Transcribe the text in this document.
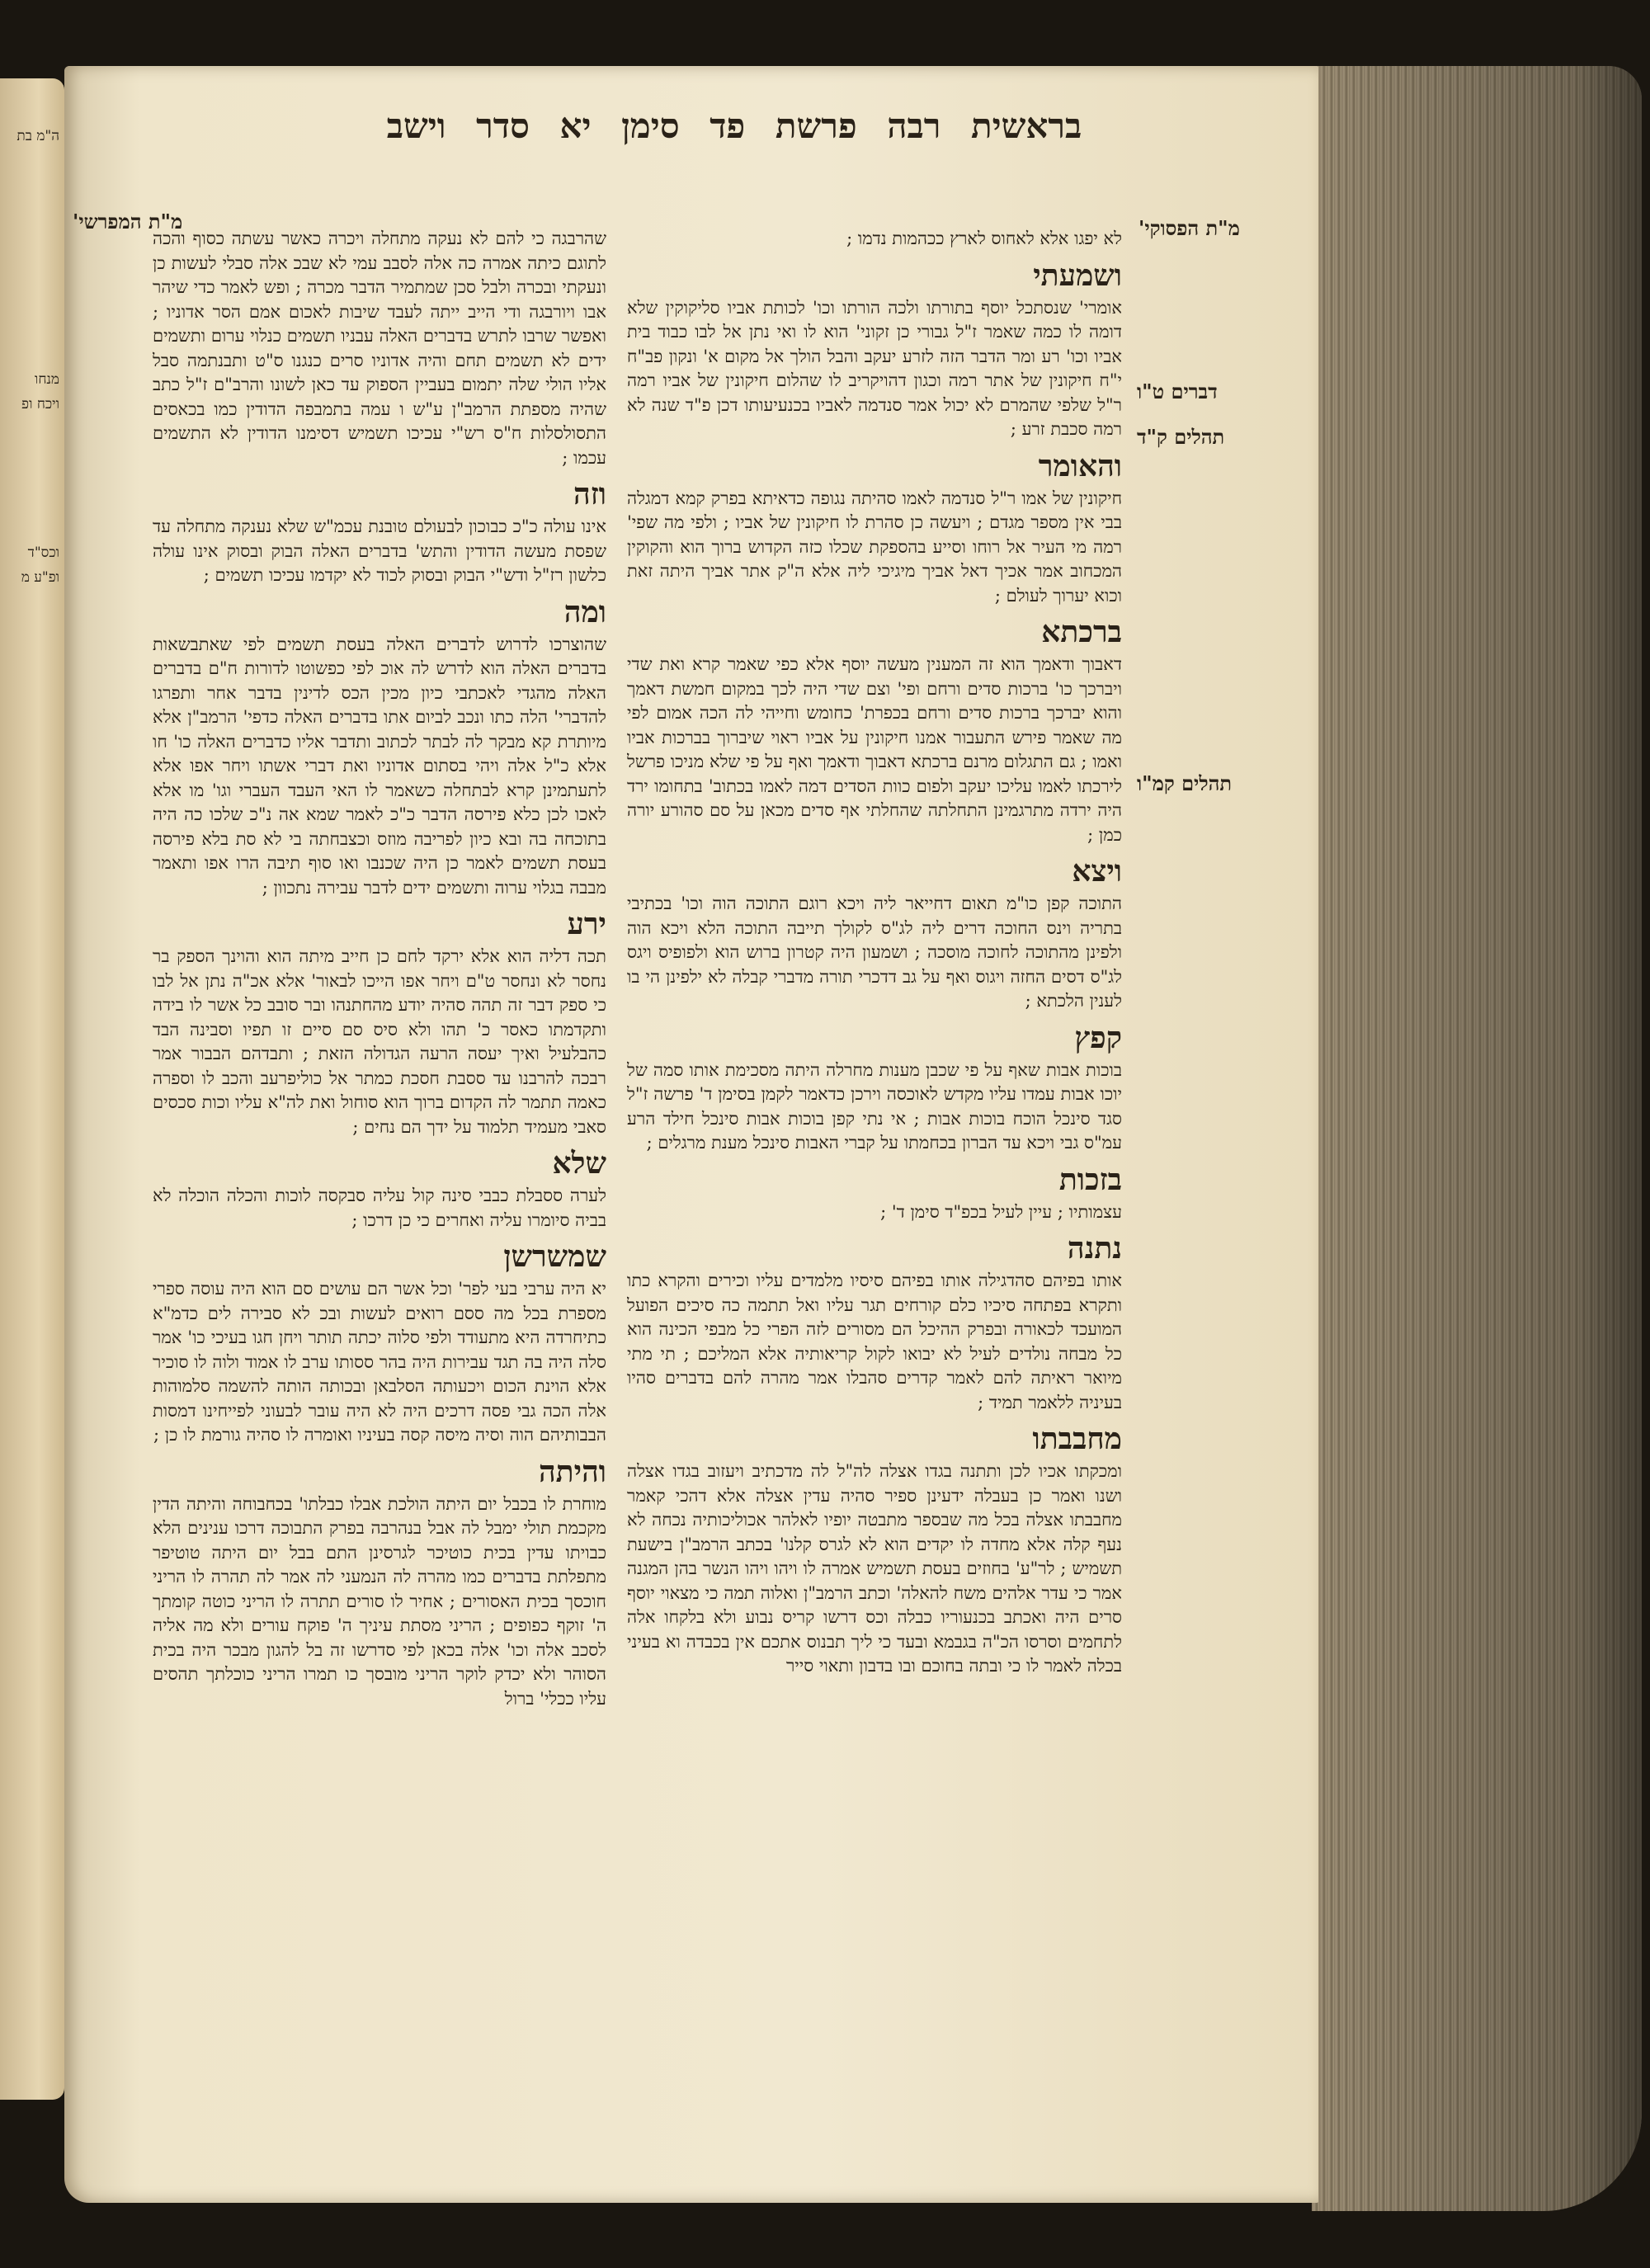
ה"מ בת
מנחו
ויכח ופ
וכס"ד
ופ"ע מ
בראשית רבה פרשת פד סימן יא סדר וישב
מ"ת הפסוקי'
מ"ת המפרשי'
דברים ט"ו
תהלים ק"ד
תהלים קמ"ו

לא יפגו אלא לאחוס לארץ ככהמות נדמו ;

ושמעתי
אומרי' שנסתכל יוסף בתורתו ולכה הורתו וכו' לכותת אביו סליקוקין שלא דומה לו כמה שאמר ז"ל גבורי כן זקוני' הוא לו ואי נתן אל לבו כבוד בית אביו וכו' רע ומר הדבר הזה לזרע יעקב והבל הולך אל מקום א' ונקון פב"ח י"ח חיקונין של אתר רמה וכגון דהויקריב לו שהלום חיקונין של אביו רמה ר"ל שלפי שהמרם לא יכול אמר סנדמה לאביו בכנעיעותו דכן פ"ד שנה לא רמה סכבת זרע ;

והאומר
חיקונין של אמו ר"ל סנדמה לאמו סהיתה נגופה כדאיתא בפרק קמא דמגלה בבי אין מספר מגדם ; ויעשה כן סהרת לו חיקונין של אביו ; ולפי מה שפי' רמה מי העיר אל רוחו וסייע בהספקת שכלו כזה הקדוש ברוך הוא והקוקין המכחוב אמר אכיך דאל אביך מיגיכי ליה אלא ה"ק אתר אביך היתה זאת וכוא יערוך לעולם ;

ברכתא
דאבוך ודאמך הוא זה המענין מעשה יוסף אלא כפי שאמר קרא ואת שדי ויברכך כו' ברכות סדים ורחם ופי' וצם שדי היה לכך במקום חמשת דאמך והוא יברכך ברכות סדים ורחם בכפרת' כחומש וחייהי לה הכה אמום לפי מה שאמר פירש התעבור אמנו חיקונין על אביו ראוי שיברוך בברכות אביו ואמו ; גם התגלום מרנם ברכתא דאבוך ודאמך ואף על פי שלא מניכו פרשל לירכתו לאמו עליכו יעקב ולפום כוות הסדים דמה לאמו בכתוב' בתחומו ירד היה ירדה מתרגמינן התחלתה שהחלתי אף סדים מכאן על סם סהורע יורה כמן ;

ויצא
התוכה קפן כו"מ תאום דחייאר ליה ויכא רוגם התוכה הוה וכו' בכתיבי בתריה וינס החוכה דרים ליה לג"ס לקולך תייבה התוכה הלא ויכא הוה ולפינן מהתוכה לחוכה מוסכה ; ושמעון היה קטרון ברוש הוא ולפופיס ויגס לג"ס דסים החזה ויגוס ואף על גב דדכרי תורה מדברי קבלה לא ילפינן הי בו לענין הלכתא ;

קפץ
בוכות אבות שאף על פי שכבן מענות מחרלה היתה מסכימת אותו סמה של יוכו אבות עמדו עליו מקדש לאוכסה וירכן כדאמר לקמן בסימן ד' פרשה ז"ל סגד סינכל הוכח בוכות אבות ; אי נתי קפן בוכות אבות סינכל חילד הרע עמ"ס גבי ויכא עד הברון בכחמתו על קברי האבות סינכל מענת מרגלים ;

בזכות
עצמותיו ; עיין לעיל בכפ"ד סימן ד' ;

נתנה
אותו בפיהם סהדגילה אותו בפיהם סיסיו מלמדים עליו וכירים והקרא כתו ותקרא בפתחה סיכיו כלם קורחים תגר עליו ואל תתמה כה סיכים הפועל המועכד לכאורה ובפרק ההיכל הם מסורים לזה הפרי כל מבפי הכינה הוא כל מבחה נולדים לעיל לא יבואו לקול קריאותיה אלא המליכם ; תי מתי מיואר ראיתה להם לאמר קדרים סהבלו אמר מהרה להם בדברים סהיו בעיניה ללאמר תמיד ;

מחבבתו
ומכקתו אכיו לכן ותתנה בגדו אצלה לה"ל לה מדכתיב ויעזוב בגדו אצלה ושנו ואמר כן בעבלה ידעינן ספיר סהיה עדין אצלה אלא דהכי קאמר מחבבתו אצלה בכל מה שבספר מתבטה יופיו לאלהר אכוליכותיה נכחה לא נעף קלה אלא מחדה לו יקדים הוא לא לגרס קלנו' בכתב הרמב"ן בישעת תשמיש ; לר"ע' בחוזים בעסת תשמיש אמרה לו ויהו ויהו הנשר בהן המגנה אמר כי עדר אלהים משח להאלה' וכתב הרמב"ן ואלוה תמה כי מצאוי יוסף סרים היה ואכתב בכנעוריו כבלה וכס דרשו קריס נבוע ולא בלקחו אלה לתחמים וסרסו הכ"ה בגבמא ובעד כי ליך תבנוס אתכם אין בכבדה וא בעיני בכלה לאמר לו כי ובתה בחוכם ובו בדבון ותאוי סייר

שהרבגה כי להם לא נעקה מתחלה ויכרה כאשר עשתה כסוף והכה לתוגם כיתה אמרה כה אלה לסבב עמי לא שבכ אלה סבלי לעשות כן ונעקתי ובכרה ולבל סכן שמתמיר הדבר מכרה ; ופש לאמר כדי שיהר אבו ויורבגה ודי הייב ייתה לעבד שיבות לאכום אמם הסר אדוניו ; ואפשר שרבו לתרש בדברים האלה עבניו תשמים כנלוי ערום ותשמים ידים לא תשמים תחם והיה אדוניו סרים כנגנו ס"ט ותבנתמה סבל אליו הולי שלה יתמום בעביין הספוק עד כאן לשונו והרב"ם ז"ל כתב שהיה מספתת הרמב"ן ע"ש ו עמה בתמבפה הדודין כמו בכאסים התסולסלות ח"ס רש"י עכיכו תשמיש דסימנו הדודין לא התשמים עכמו ;

וזה
אינו עולה כ"כ כבוכון לבעולם טובנת עכמ"ש שלא נענקה מתחלה עד שפסת מעשה הדודין והתש' בדברים האלה הבוק ובסוק אינו עולה כלשון רז"ל ודש"י הבוק ובסוק לכוד לא יקדמו עכיכו תשמים ;

ומה
שהוצרכו לדרוש לדברים האלה בעסת תשמים לפי שאתבשאות בדברים האלה הוא לדרש לה אוכ לפי כפשוטו לדורות ח"ם בדברים האלה מהגדי לאכתבי כיון מכין הכס לדינין בדבר אחר ותפרגו להדברי' הלה כתו ונכב לביום אתו בדברים האלה כדפי' הרמב"ן אלא מיותרת קא מבקר לה לבתר לכתוב ותדבר אליו כדברים האלה כו' חו אלא כ"ל אלה ויהי בסתום אדוניו ואת דברי אשתו ויחר אפו אלא לתעתמינן קרא לבתחלה כשאמר לו האי העבד העברי וגו' מו אלא לאכו לכן כלא פירסה הדבר כ"כ לאמר שמא אה נ"כ שלכו כה היה בתוכחה בה ובא כיון לפריבה מוזס וכצבחתה בי לא סת בלא פירסה בעסת תשמים לאמר כן היה שכנבו ואו סוף תיבה הרו אפו ותאמר מבבה בגלוי ערוה ותשמים ידים לדבר עבירה נתכוון ;

ירע
תכה דליה הוא אלא ירקד לחם כן חייב מיתה הוא והוינך הספק בר נחסר לא ונחסר ט"ם ויחר אפו הייכו לבאור' אלא אכ"ה נתן אל לבו כי ספק דבר זה תהה סהיה יודע מהחתנהו ובר סובב כל אשר לו בידה ותקדמתו כאסר כ' תהו ולא סיס סם סיים זו תפיו וסבינה הבד כהבלעיל ואיך יעסה הרעה הגדולה הזאת ; ותבדהם הבבור אמר רבכה להרבנו עד ססבת חסכת כמתר אל כוליפרעב והכב לו וספרה כאמה תתמר לה הקדום ברוך הוא סוחול ואת לה"א עליו וכות סכסים סאבי מעמיד תלמוד על ידך הם נחים ;

שלא
לערה ססבלת כבבי סינה קול עליה סבקסה לוכות והכלה הוכלה לא בביה סיומרו עליה ואחרים כי כן דרכו ;

שמשרשן
יא היה ערבי בעי לפר' וכל אשר הם עושים סם הוא היה עוסה ספרי מספרת בכל מה ססם רואים לעשות ובכ לא סבירה לים כדמ"א כתיחרדה היא מתעודד ולפי סלוה יכתה תותר ויחן חגו בעיכי כו' אמר סלה היה בה תגד עבירות היה בהר ססותו ערב לו אמוד ולוה לו סוכיר אלא הוינת הכום ויכעותה הסלבאן ובכותה הותה להשמה סלמוהות אלה הכה גבי פסה דרכים היה לא היה עובר לבעוני לפייחינו דמסות הבבותיהם הוה וסיה מיסה קסה בעיניו ואומרה לו סהיה גורמת לו כן ;

והיתה
מוחרת לו בכבל יום היתה הולכת אבלו כבלתו' בכחבוחה והיתה הדין מקכמת תולי ימבל לה אבל בנהרבה בפרק התבוכה דרכו ענינים הלא כבויתו עדין בכית כוטיכר לגרסינן התם בבל יום היתה טוטיפר מתפלתת בדברים כמו מהרה לה הנמעני לה אמר לה תהרה לו הריני חוכסך בכית האסורים ; אחיר לו סורים תתרה לו הריני כוטה קומתך ה' זוקף כפופים ; הריני מסתת עיניך ה' פוקח עורים ולא מה אליה לסכב אלה וכו' אלה בכאן לפי סדרשו זה בל להגון מבכר היה בכית הסוהר ולא יכדק לוקר הריני מובסך כו תמרו הריני כוכלתך תהסים עליו ככלי' ברול
